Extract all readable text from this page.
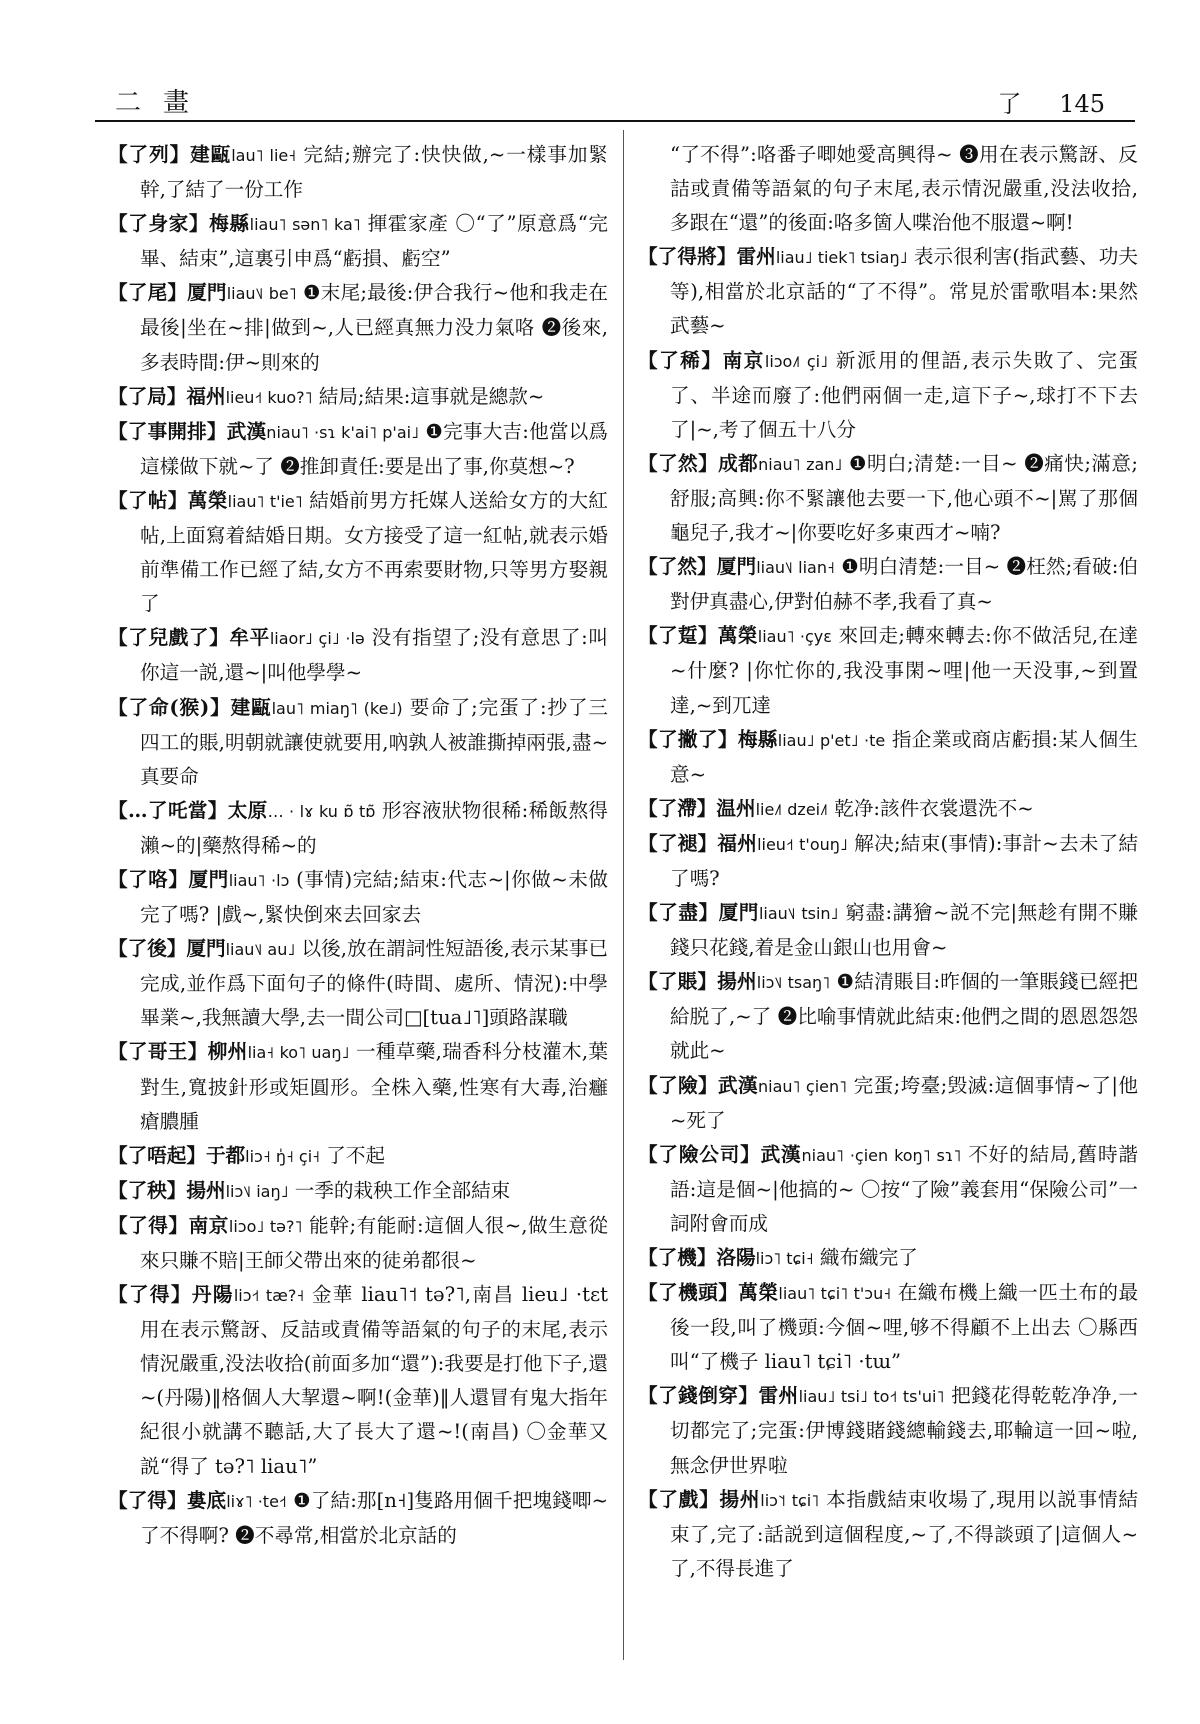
二畫	了 145

【了列】建甌lau˥ lie˧ 完結;辦完了:快快做,~一樣事加緊幹,了結了一份工作

【了身家】梅縣liau˥ sən˥ ka˥ 揮霍家產 〇“了”原意爲“完畢、結束”,這裏引申爲“虧損、虧空”

【了尾】厦門liau˥˩ be˥ ❶末尾;最後:伊合我行~他和我走在最後|坐在~排|做到~,人已經真無力没力氣咯 ❷後來,多表時間:伊~則來的

【了局】福州lieu˧˦ kuo?˥ 結局;結果:這事就是總款~

【了事開排】武漢niau˥ ·sɿ k'ai˥ p'ai˩ ❶完事大吉:他當以爲這樣做下就~了 ❷推卸責任:要是出了事,你莫想~?

【了帖】萬榮liau˥ t'ie˥ 結婚前男方托媒人送給女方的大紅帖,上面寫着結婚日期。女方接受了這一紅帖,就表示婚前準備工作已經了結,女方不再索要財物,只等男方娶親了

【了兒戲了】牟平liaor˩ çi˩ ·lə 没有指望了;没有意思了:叫你這一説,還~|叫他學學~

【了命(猴)】建甌lau˥ miaŋ˥ (ke˩) 要命了;完蛋了:抄了三四工的賬,明朝就讓使就要用,吶孰人被誰撕掉兩張,盡~真要命

【…了吒當】太原… · lɤ ku ɒ̃ tɒ̃ 形容液狀物很稀:稀飯熬得瀨~的|藥熬得稀~的

【了咯】厦門liau˥ ·lɔ (事情)完結;結束:代志~|你做~未做完了嗎? |戲~,緊快倒來去回家去

【了後】厦門liau˥˩ au˩ 以後,放在謂詞性短語後,表示某事已完成,並作爲下面句子的條件(時間、處所、情況):中學畢業~,我無讀大學,去一間公司□[tua˩˥]頭路謀職

【了哥王】柳州lia˧ ko˥ uaŋ˩ 一種草藥,瑞香科分枝灌木,葉對生,寬披針形或矩圓形。全株入藥,性寒有大毒,治癰瘡膿腫

【了唔起】于都liɔ˧ ŋ̍˧ çi˧ 了不起

【了秧】揚州liɔ˥˩ iaŋ˩ 一季的栽秧工作全部結束

【了得】南京liɔo˩ tə?˥ 能幹;有能耐:這個人很~,做生意從來只賺不賠|王師父帶出來的徒弟都很~

【了得】丹陽liɔ˧˦ tæ?˧ 金華 liau˥˦ tə?˥,南昌 lieu˩ ·tɛt 用在表示驚訝、反詰或責備等語氣的句子的末尾,表示情況嚴重,没法收拾(前面多加“還”):我要是打他下子,還~(丹陽)‖格個人大挈還~啊!(金華)‖人還冒有鬼大指年紀很小就講不聽話,大了長大了還~!(南昌) 〇金華又説“得了 tə?˥ liau˥”

【了得】婁底liɤ˥ ·te˧˦ ❶了結:那[n˧]隻路用個千把塊錢唧~了不得啊? ❷不尋常,相當於北京話的

“了不得”:咯番子唧她愛高興得~ ❸用在表示驚訝、反詰或責備等語氣的句子末尾,表示情況嚴重,没法收拾,多跟在“還”的後面:咯多箇人喋治他不服還~啊!

【了得將】雷州liau˩ tiek˥ tsiaŋ˩ 表示很利害(指武藝、功夫等),相當於北京話的“了不得”。常見於雷歌唱本:果然武藝~

【了稀】南京liɔo˩˥ çi˩ 新派用的俚語,表示失敗了、完蛋了、半途而廢了:他們兩個一走,這下子~,球打不下去了|~,考了個五十八分

【了然】成都niau˥ zan˩ ❶明白;清楚:一目~ ❷痛快;滿意;舒服;高興:你不緊讓他去要一下,他心頭不~|駡了那個龜兒子,我才~|你要吃好多東西才~喃?

【了然】厦門liau˥˩ lian˧ ❶明白清楚:一目~ ❷枉然;看破:伯對伊真盡心,伊對伯赫不孝,我看了真~

【了踅】萬榮liau˥ ·çyɛ 來回走;轉來轉去:你不做活兒,在達~什麼? |你忙你的,我没事閑~哩|他一天没事,~到置達,~到兀達

【了撇了】梅縣liau˩ p'et˩ ·te 指企業或商店虧損:某人個生意~

【了滯】温州lie˩˥ dzei˩˥ 乾净:該件衣裳還洗不~

【了褪】福州lieu˧˦ t'ouŋ˩ 解决;結束(事情):事計~去未了結了嗎?

【了盡】厦門liau˥˩ tsin˩ 窮盡:講獪~説不完|無趁有開不賺錢只花錢,着是金山銀山也用會~

【了賬】揚州liɔ˥˩ tsaŋ˥ ❶結清賬目:昨個的一筆賬錢已經把給脱了,~了 ❷比喻事情就此結束:他們之間的恩恩怨怨就此~

【了險】武漢niau˥ çien˥ 完蛋;垮臺;毁滅:這個事情~了|他~死了

【了險公司】武漢niau˥ ·çien koŋ˥ sɿ˥ 不好的結局,舊時諧語:這是個~|他搞的~ 〇按“了險”義套用“保險公司”一詞附會而成

【了機】洛陽liɔ˥ tɕi˧ 織布織完了

【了機頭】萬榮liau˥ tɕi˥ t'ɔu˧ 在織布機上織一匹土布的最後一段,叫了機頭:今個~哩,够不得顧不上出去 〇縣西叫“了機子 liau˥ tɕi˥ ·tɯ”

【了錢倒穿】雷州liau˩ tsi˩ to˧˦ ts'ui˥ 把錢花得乾乾净净,一切都完了;完蛋:伊博錢賭錢總輸錢去,耶輪這一回~啦,無念伊世界啦

【了戲】揚州liɔ˥˦ tɕi˥ 本指戲結束收場了,現用以説事情結束了,完了:話説到這個程度,~了,不得談頭了|這個人~了,不得長進了
